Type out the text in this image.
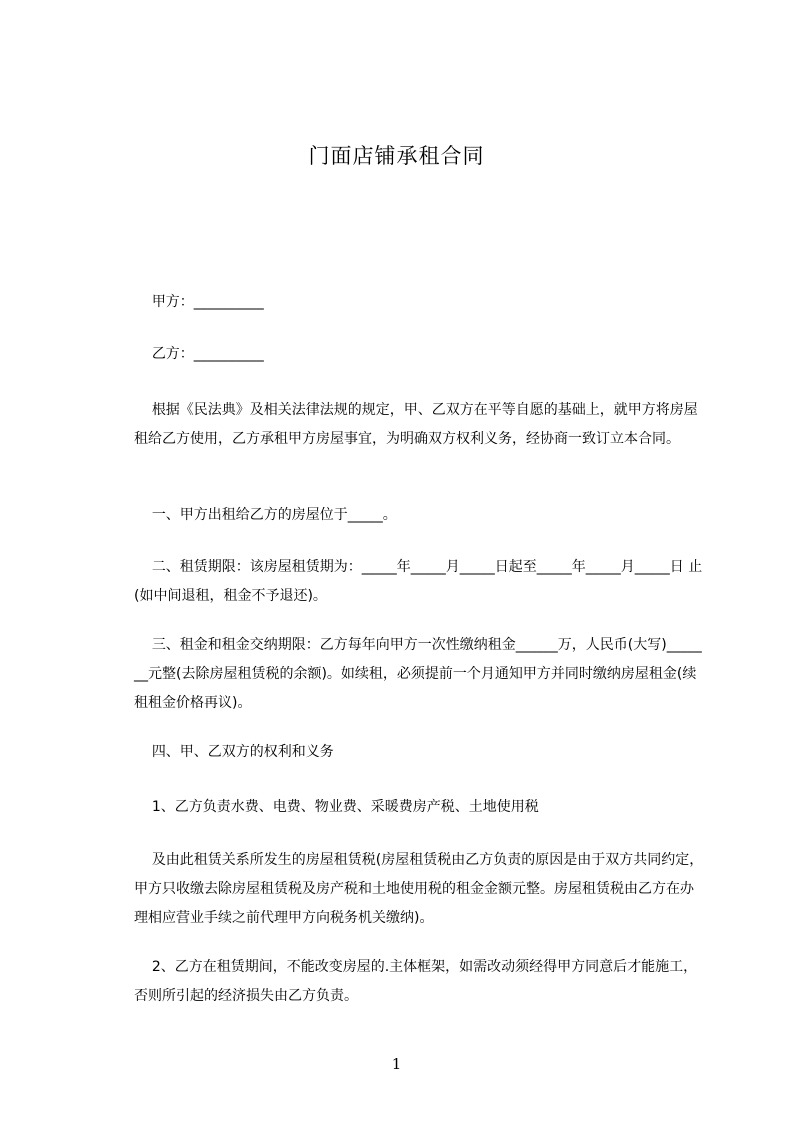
门面店铺承租合同
甲方：__________
乙方：__________
根据《民法典》及相关法律法规的规定，甲、乙双方在平等自愿的基础上，就甲方将房屋租给乙方使用，乙方承租甲方房屋事宜，为明确双方权利义务，经协商一致订立本合同。
一、甲方出租给乙方的房屋位于_____。
二、租赁期限：该房屋租赁期为：_____年_____月_____日起至_____年_____月_____日 止(如中间退租，租金不予退还)。
三、租金和租金交纳期限：乙方每年向甲方一次性缴纳租金______万，人民币(大写)_______元整(去除房屋租赁税的余额)。如续租，必须提前一个月通知甲方并同时缴纳房屋租金(续租租金价格再议)。
四、甲、乙双方的权利和义务
1、乙方负责水费、电费、物业费、采暖费房产税、土地使用税
及由此租赁关系所发生的房屋租赁税(房屋租赁税由乙方负责的原因是由于双方共同约定，甲方只收缴去除房屋租赁税及房产税和土地使用税的租金金额元整。房屋租赁税由乙方在办理相应营业手续之前代理甲方向税务机关缴纳)。
2、乙方在租赁期间，不能改变房屋的.主体框架，如需改动须经得甲方同意后才能施工，否则所引起的经济损失由乙方负责。
1
